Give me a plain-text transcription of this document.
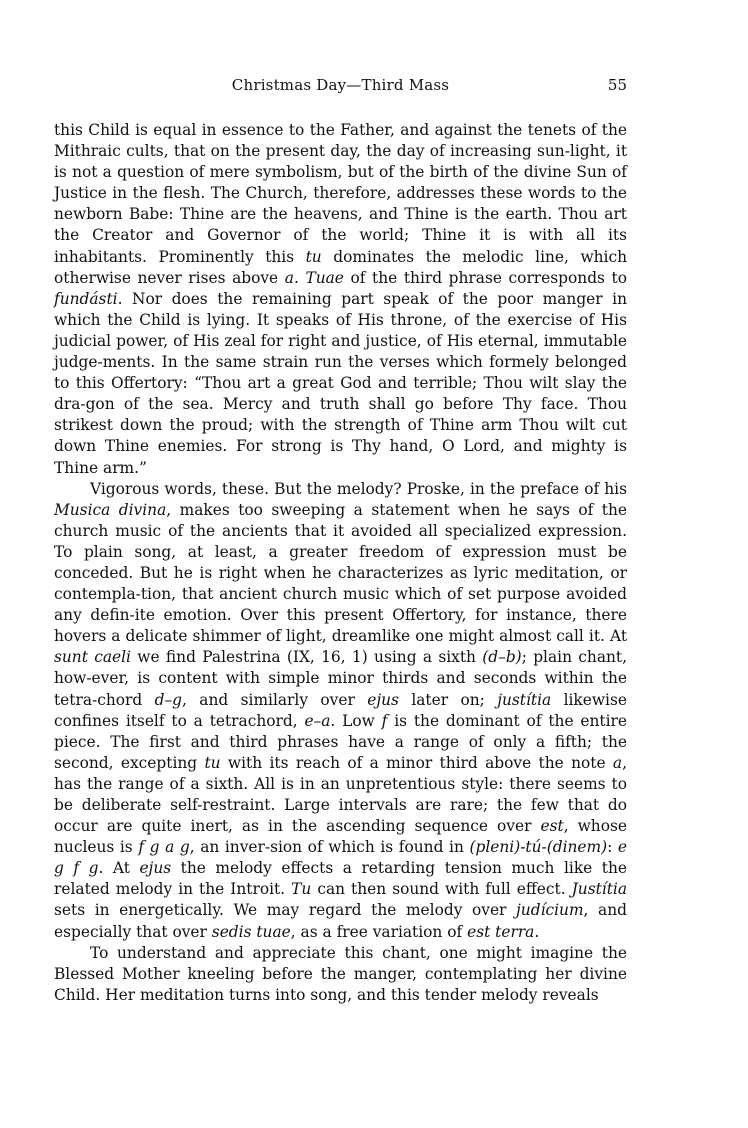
Christmas Day—Third Mass	55

this Child is equal in essence to the Father, and against the tenets of the Mithraic cults, that on the present day, the day of increasing sun-light, it is not a question of mere symbolism, but of the birth of the divine Sun of Justice in the flesh. The Church, therefore, addresses these words to the newborn Babe: Thine are the heavens, and Thine is the earth. Thou art the Creator and Governor of the world; Thine it is with all its inhabitants. Prominently this tu dominates the melodic line, which otherwise never rises above a. Tuae of the third phrase corresponds to fundásti. Nor does the remaining part speak of the poor manger in which the Child is lying. It speaks of His throne, of the exercise of His judicial power, of His zeal for right and justice, of His eternal, immutable judge-ments. In the same strain run the verses which formely belonged to this Offertory: “Thou art a great God and terrible; Thou wilt slay the dra-gon of the sea. Mercy and truth shall go before Thy face. Thou strikest down the proud; with the strength of Thine arm Thou wilt cut down Thine enemies. For strong is Thy hand, O Lord, and mighty is Thine arm.”

Vigorous words, these. But the melody? Proske, in the preface of his Musica divina, makes too sweeping a statement when he says of the church music of the ancients that it avoided all specialized expression. To plain song, at least, a greater freedom of expression must be conceded. But he is right when he characterizes as lyric meditation, or contempla-tion, that ancient church music which of set purpose avoided any defin-ite emotion. Over this present Offertory, for instance, there hovers a delicate shimmer of light, dreamlike one might almost call it. At sunt caeli we find Palestrina (IX, 16, 1) using a sixth (d–b); plain chant, how-ever, is content with simple minor thirds and seconds within the tetra-chord d–g, and similarly over ejus later on; justítia likewise confines itself to a tetrachord, e–a. Low f is the dominant of the entire piece. The first and third phrases have a range of only a fifth; the second, excepting tu with its reach of a minor third above the note a, has the range of a sixth. All is in an unpretentious style: there seems to be deliberate self-restraint. Large intervals are rare; the few that do occur are quite inert, as in the ascending sequence over est, whose nucleus is f g a g, an inver-sion of which is found in (pleni)-tú-(dinem): e g f g. At ejus the melody effects a retarding tension much like the related melody in the Introit. Tu can then sound with full effect. Justítia sets in energetically. We may regard the melody over judícium, and especially that over sedis tuae, as a free variation of est terra.

To understand and appreciate this chant, one might imagine the Blessed Mother kneeling before the manger, contemplating her divine Child. Her meditation turns into song, and this tender melody reveals
